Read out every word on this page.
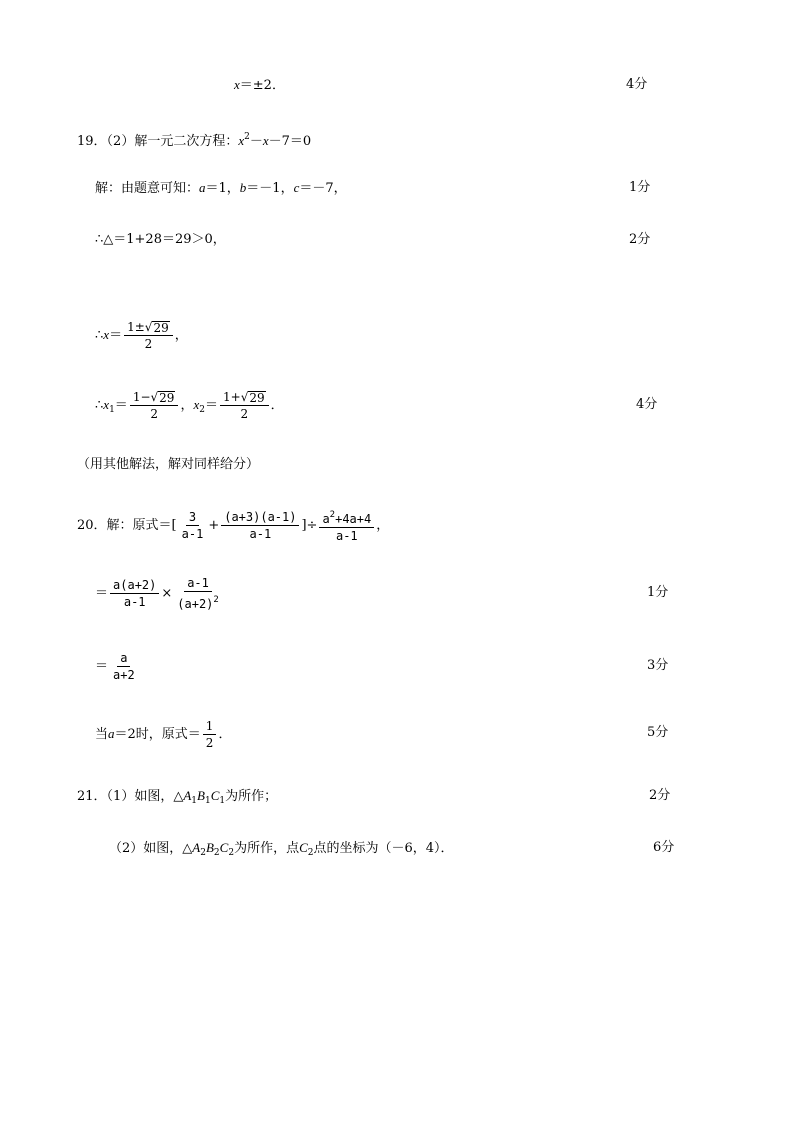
x＝±2．	4分
19．（2）解一元二次方程：$x^2-x-7=0$
解：由题意可知：a＝1，b＝－1，c＝－7，	1分
∴△＝1+28＝29＞0，	2分
∴x＝ $\frac{1\pm√ 29}{2}$ ，
$\therefore x_1= \frac{1-√ 29}{2}$ ，$x_2= \frac{1+√ 29}{2}$ ．	4分
（用其他解法，解对同样给分）
20．解：原式＝[ $\frac{3}{a-1} + \frac{(a+3)(a-1)}{a-1}$ ]÷ $\frac{a^2+4a+4}{a-1}$ ，
＝ $\frac{a(a+2)}{a-1} \times \frac{a-1}{(a+2)^2}$	1分
＝ $\frac{a}{a+2}$	3分
当a＝2时，原式＝ $\frac{1}{2}$ ．	5分
21．（1）如图，$\triangle A_1B_1C_1$为所作；	2分
（2）如图，$\triangle A_2B_2C_2$为所作，点$C_2$点的坐标为（－6，4）．	6分
